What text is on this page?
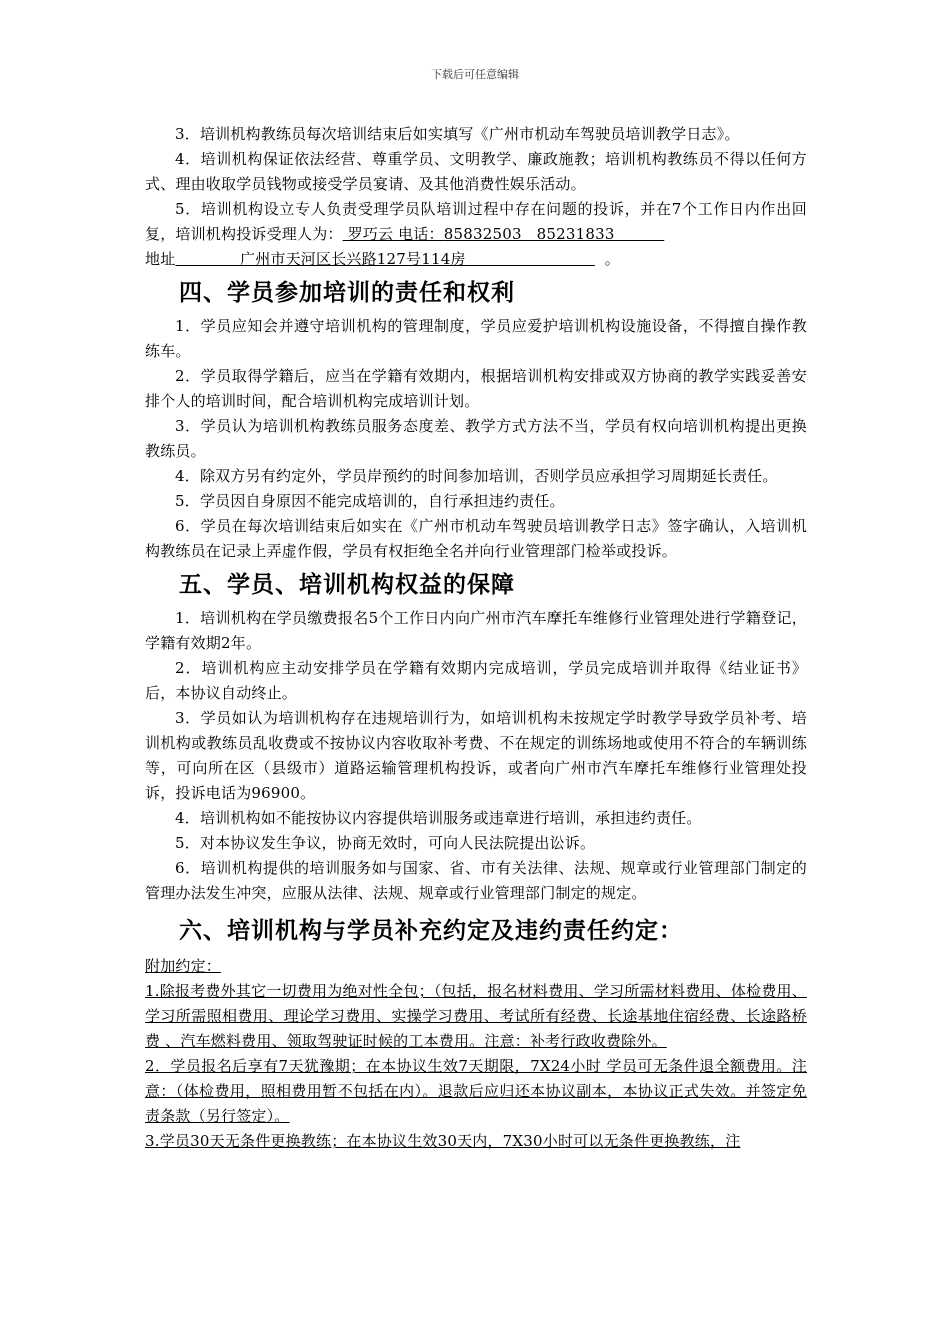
下载后可任意编辑

3．培训机构教练员每次培训结束后如实填写《广州市机动车驾驶员培训教学日志》。

4．培训机构保证依法经营、尊重学员、文明教学、廉政施教；培训机构教练员不得以任何方式、理由收取学员钱物或接受学员宴请、及其他消费性娱乐活动。

5．培训机构设立专人负责受理学员队培训过程中存在问题的投诉，并在7个工作日内作出回复，培训机构投诉受理人为： 罗巧云 电话：85832503   85231833

地址	广州市天河区长兴路127号114房	。

四、学员参加培训的责任和权利

1．学员应知会并遵守培训机构的管理制度，学员应爱护培训机构设施设备，不得擅自操作教练车。

2．学员取得学籍后，应当在学籍有效期内，根据培训机构安排或双方协商的教学实践妥善安排个人的培训时间，配合培训机构完成培训计划。

3．学员认为培训机构教练员服务态度差、教学方式方法不当，学员有权向培训机构提出更换教练员。

4．除双方另有约定外，学员岸预约的时间参加培训，否则学员应承担学习周期延长责任。

5．学员因自身原因不能完成培训的，自行承担违约责任。

6．学员在每次培训结束后如实在《广州市机动车驾驶员培训教学日志》签字确认，入培训机构教练员在记录上弄虚作假，学员有权拒绝全名并向行业管理部门检举或投诉。

五、学员、培训机构权益的保障

1．培训机构在学员缴费报名5个工作日内向广州市汽车摩托车维修行业管理处进行学籍登记，学籍有效期2年。

2．培训机构应主动安排学员在学籍有效期内完成培训，学员完成培训并取得《结业证书》后，本协议自动终止。

3．学员如认为培训机构存在违规培训行为，如培训机构未按规定学时教学导致学员补考、培训机构或教练员乱收费或不按协议内容收取补考费、不在规定的训练场地或使用不符合的车辆训练等，可向所在区（县级市）道路运输管理机构投诉，或者向广州市汽车摩托车维修行业管理处投诉，投诉电话为96900。

4．培训机构如不能按协议内容提供培训服务或违章进行培训，承担违约责任。

5．对本协议发生争议，协商无效时，可向人民法院提出讼诉。

6．培训机构提供的培训服务如与国家、省、市有关法律、法规、规章或行业管理部门制定的管理办法发生冲突，应服从法律、法规、规章或行业管理部门制定的规定。

六、培训机构与学员补充约定及违约责任约定：

附加约定：

1.除报考费外其它一切费用为绝对性全包；（包括，报名材料费用、学习所需材料费用、体检费用、学习所需照相费用、理论学习费用、实操学习费用、考试所有经费、长途基地住宿经费、长途路桥费 、汽车燃料费用、领取驾驶证时候的工本费用。注意：补考行政收费除外。

2．学员报名后享有7天犹豫期；在本协议生效7天期限，7X24小时 学员可无条件退全额费用。注意：（体检费用，照相费用暂不包括在内）。退款后应归还本协议副本，本协议正式失效。并签定免责条款（另行签定）。

3.学员30天无条件更换教练；在本协议生效30天内，7X30小时可以无条件更换教练，注
